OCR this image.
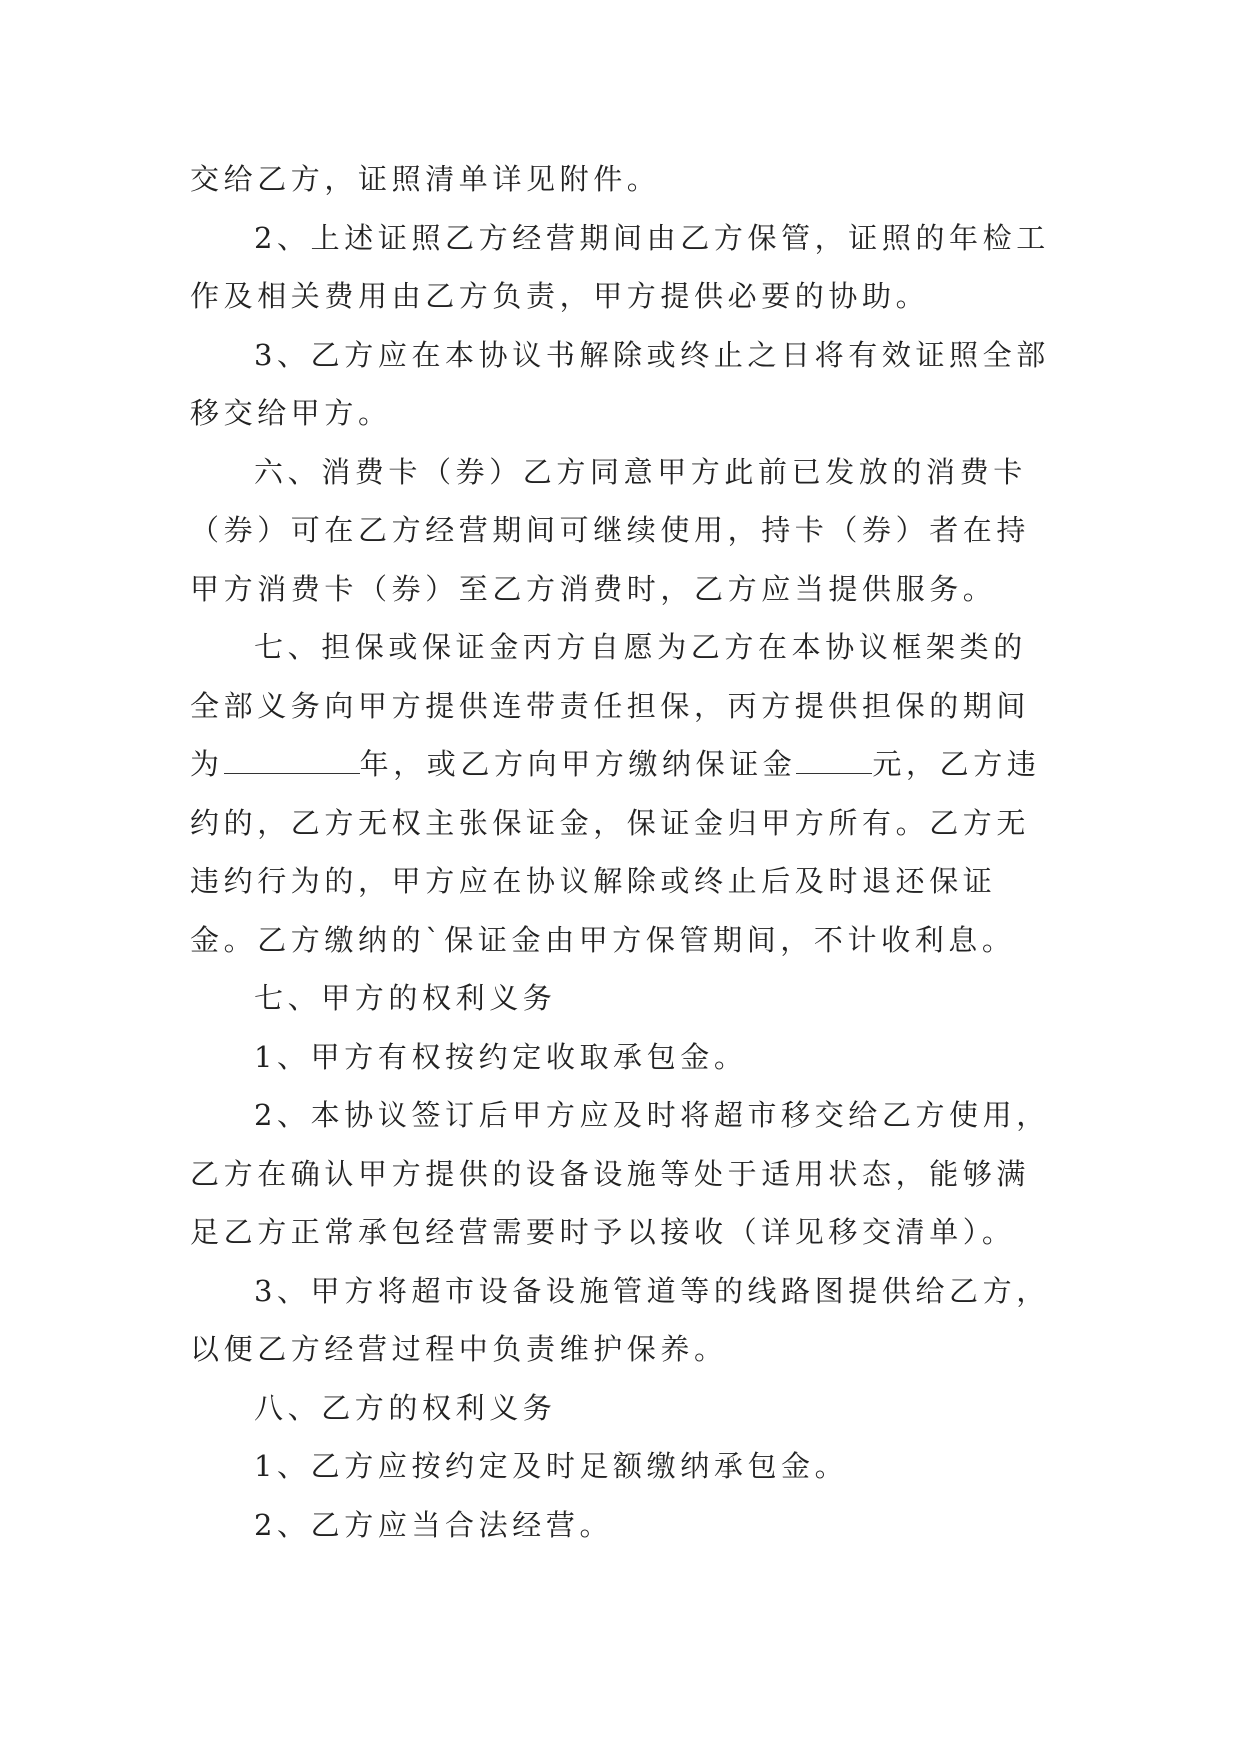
交给乙方，证照清单详见附件。

2、上述证照乙方经营期间由乙方保管，证照的年检工作及相关费用由乙方负责，甲方提供必要的协助。

3、乙方应在本协议书解除或终止之日将有效证照全部移交给甲方。

六、消费卡（券）乙方同意甲方此前已发放的消费卡（券）可在乙方经营期间可继续使用，持卡（券）者在持甲方消费卡（券）至乙方消费时，乙方应当提供服务。

七、担保或保证金丙方自愿为乙方在本协议框架类的全部义务向甲方提供连带责任担保，丙方提供担保的期间为	年，或乙方向甲方缴纳保证金	元，乙方违约的，乙方无权主张保证金，保证金归甲方所有。乙方无违约行为的，甲方应在协议解除或终止后及时退还保证金。乙方缴纳的`保证金由甲方保管期间，不计收利息。

七、甲方的权利义务

1、甲方有权按约定收取承包金。

2、本协议签订后甲方应及时将超市移交给乙方使用，乙方在确认甲方提供的设备设施等处于适用状态，能够满足乙方正常承包经营需要时予以接收（详见移交清单）。

3、甲方将超市设备设施管道等的线路图提供给乙方，以便乙方经营过程中负责维护保养。

八、乙方的权利义务

1、乙方应按约定及时足额缴纳承包金。

2、乙方应当合法经营。
